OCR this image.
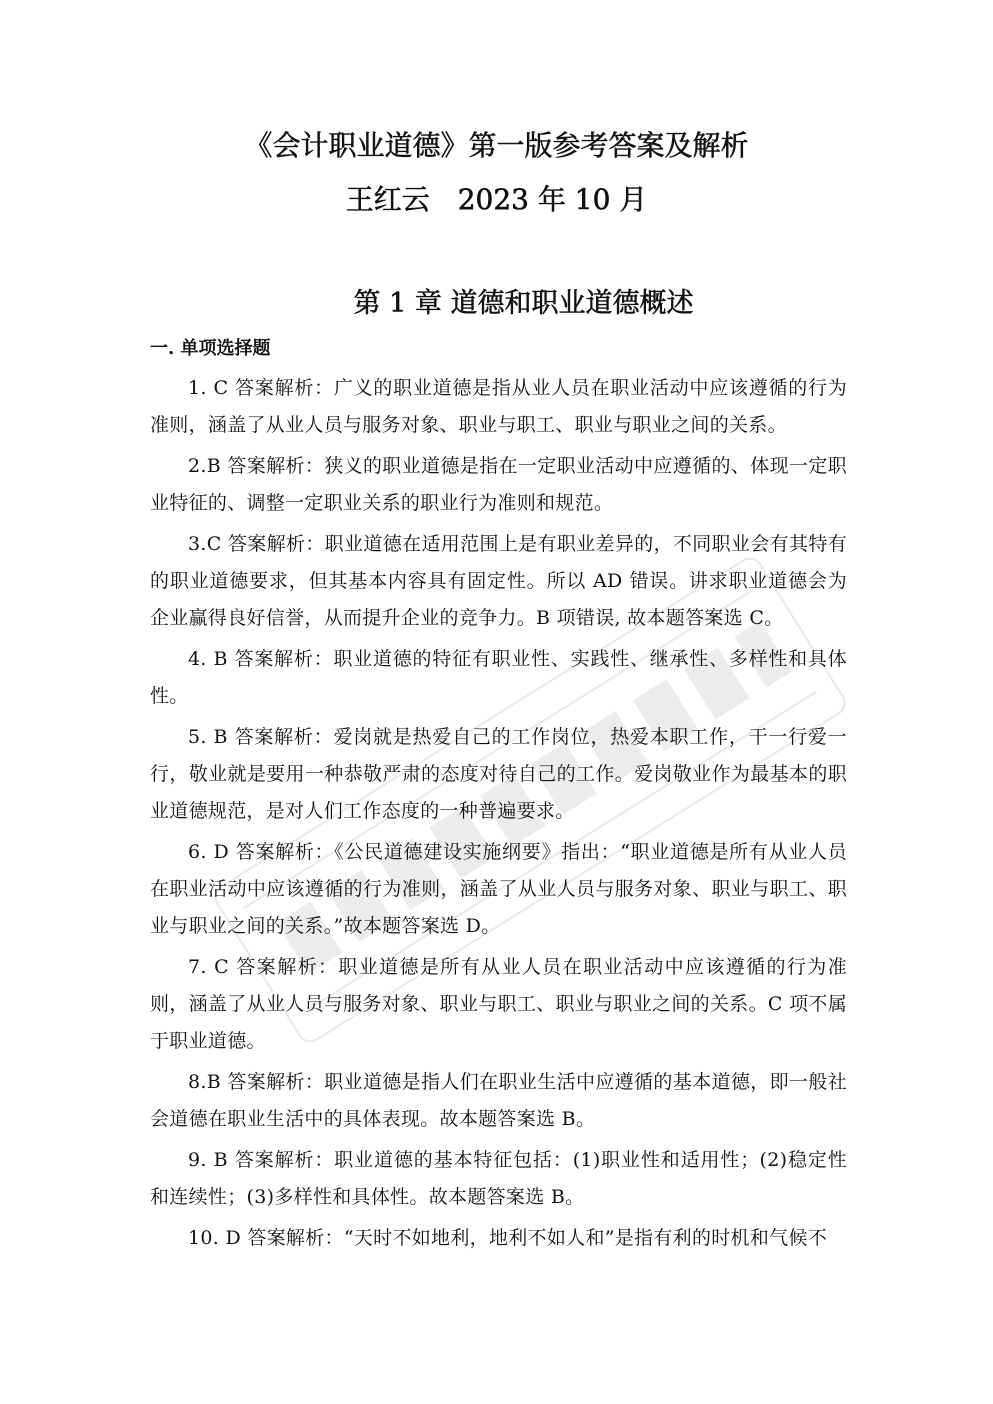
《会计职业道德》第一版参考答案及解析
王红云　2023 年 10 月
第 1 章 道德和职业道德概述
一. 单项选择题

1. C 答案解析：广义的职业道德是指从业人员在职业活动中应该遵循的行为准则，涵盖了从业人员与服务对象、职业与职工、职业与职业之间的关系。

2.B 答案解析：狭义的职业道德是指在一定职业活动中应遵循的、体现一定职业特征的、调整一定职业关系的职业行为准则和规范。

3.C 答案解析：职业道德在适用范围上是有职业差异的，不同职业会有其特有的职业道德要求，但其基本内容具有固定性。所以 AD 错误。讲求职业道德会为企业赢得良好信誉，从而提升企业的竞争力。B 项错误, 故本题答案选 C。

4. B 答案解析：职业道德的特征有职业性、实践性、继承性、多样性和具体性。

5. B 答案解析：爱岗就是热爱自己的工作岗位，热爱本职工作，干一行爱一行，敬业就是要用一种恭敬严肃的态度对待自己的工作。爱岗敬业作为最基本的职业道德规范，是对人们工作态度的一种普遍要求。

6. D 答案解析：《公民道德建设实施纲要》指出：“职业道德是所有从业人员在职业活动中应该遵循的行为准则，涵盖了从业人员与服务对象、职业与职工、职业与职业之间的关系。”故本题答案选 D。

7. C 答案解析：职业道德是所有从业人员在职业活动中应该遵循的行为准则，涵盖了从业人员与服务对象、职业与职工、职业与职业之间的关系。C 项不属于职业道德。

8.B 答案解析：职业道德是指人们在职业生活中应遵循的基本道德，即一般社会道德在职业生活中的具体表现。故本题答案选 B。

9. B 答案解析：职业道德的基本特征包括：(1)职业性和适用性；(2)稳定性和连续性；(3)多样性和具体性。故本题答案选 B。

10. D 答案解析：“天时不如地利，地利不如人和”是指有利的时机和气候不
